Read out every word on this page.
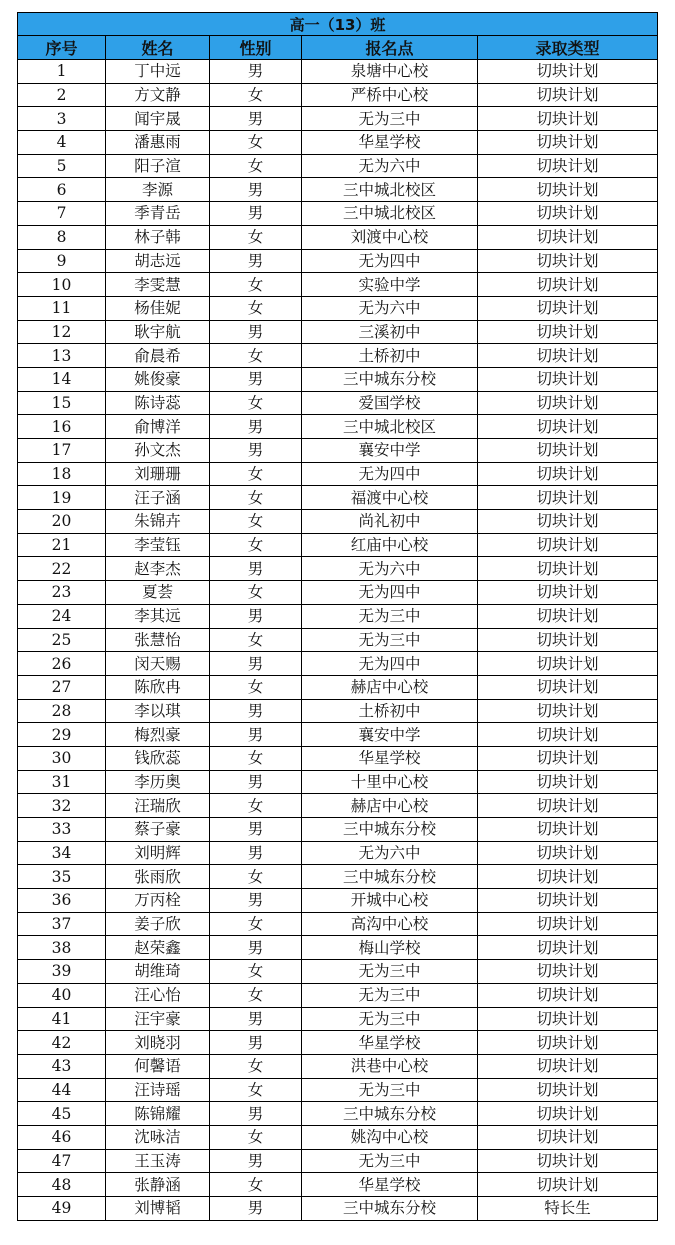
高一（13）班				
序号	姓名	性别	报名点	录取类型
1	丁中远	男	泉塘中心校	切块计划
2	方文静	女	严桥中心校	切块计划
3	闻宇晟	男	无为三中	切块计划
4	潘惠雨	女	华星学校	切块计划
5	阳子渲	女	无为六中	切块计划
6	李源	男	三中城北校区	切块计划
7	季青岳	男	三中城北校区	切块计划
8	林子韩	女	刘渡中心校	切块计划
9	胡志远	男	无为四中	切块计划
10	李雯慧	女	实验中学	切块计划
11	杨佳妮	女	无为六中	切块计划
12	耿宇航	男	三溪初中	切块计划
13	俞晨希	女	土桥初中	切块计划
14	姚俊豪	男	三中城东分校	切块计划
15	陈诗蕊	女	爱国学校	切块计划
16	俞博洋	男	三中城北校区	切块计划
17	孙文杰	男	襄安中学	切块计划
18	刘珊珊	女	无为四中	切块计划
19	汪子涵	女	福渡中心校	切块计划
20	朱锦卉	女	尚礼初中	切块计划
21	李莹钰	女	红庙中心校	切块计划
22	赵李杰	男	无为六中	切块计划
23	夏荟	女	无为四中	切块计划
24	李其远	男	无为三中	切块计划
25	张慧怡	女	无为三中	切块计划
26	闵天赐	男	无为四中	切块计划
27	陈欣冉	女	赫店中心校	切块计划
28	李以琪	男	土桥初中	切块计划
29	梅烈豪	男	襄安中学	切块计划
30	钱欣蕊	女	华星学校	切块计划
31	李历奥	男	十里中心校	切块计划
32	汪瑞欣	女	赫店中心校	切块计划
33	蔡子豪	男	三中城东分校	切块计划
34	刘明辉	男	无为六中	切块计划
35	张雨欣	女	三中城东分校	切块计划
36	万丙栓	男	开城中心校	切块计划
37	姜子欣	女	高沟中心校	切块计划
38	赵荣鑫	男	梅山学校	切块计划
39	胡维琦	女	无为三中	切块计划
40	汪心怡	女	无为三中	切块计划
41	汪宇豪	男	无为三中	切块计划
42	刘晓羽	男	华星学校	切块计划
43	何馨语	女	洪巷中心校	切块计划
44	汪诗瑶	女	无为三中	切块计划
45	陈锦耀	男	三中城东分校	切块计划
46	沈咏洁	女	姚沟中心校	切块计划
47	王玉涛	男	无为三中	切块计划
48	张静涵	女	华星学校	切块计划
49	刘博韬	男	三中城东分校	特长生
